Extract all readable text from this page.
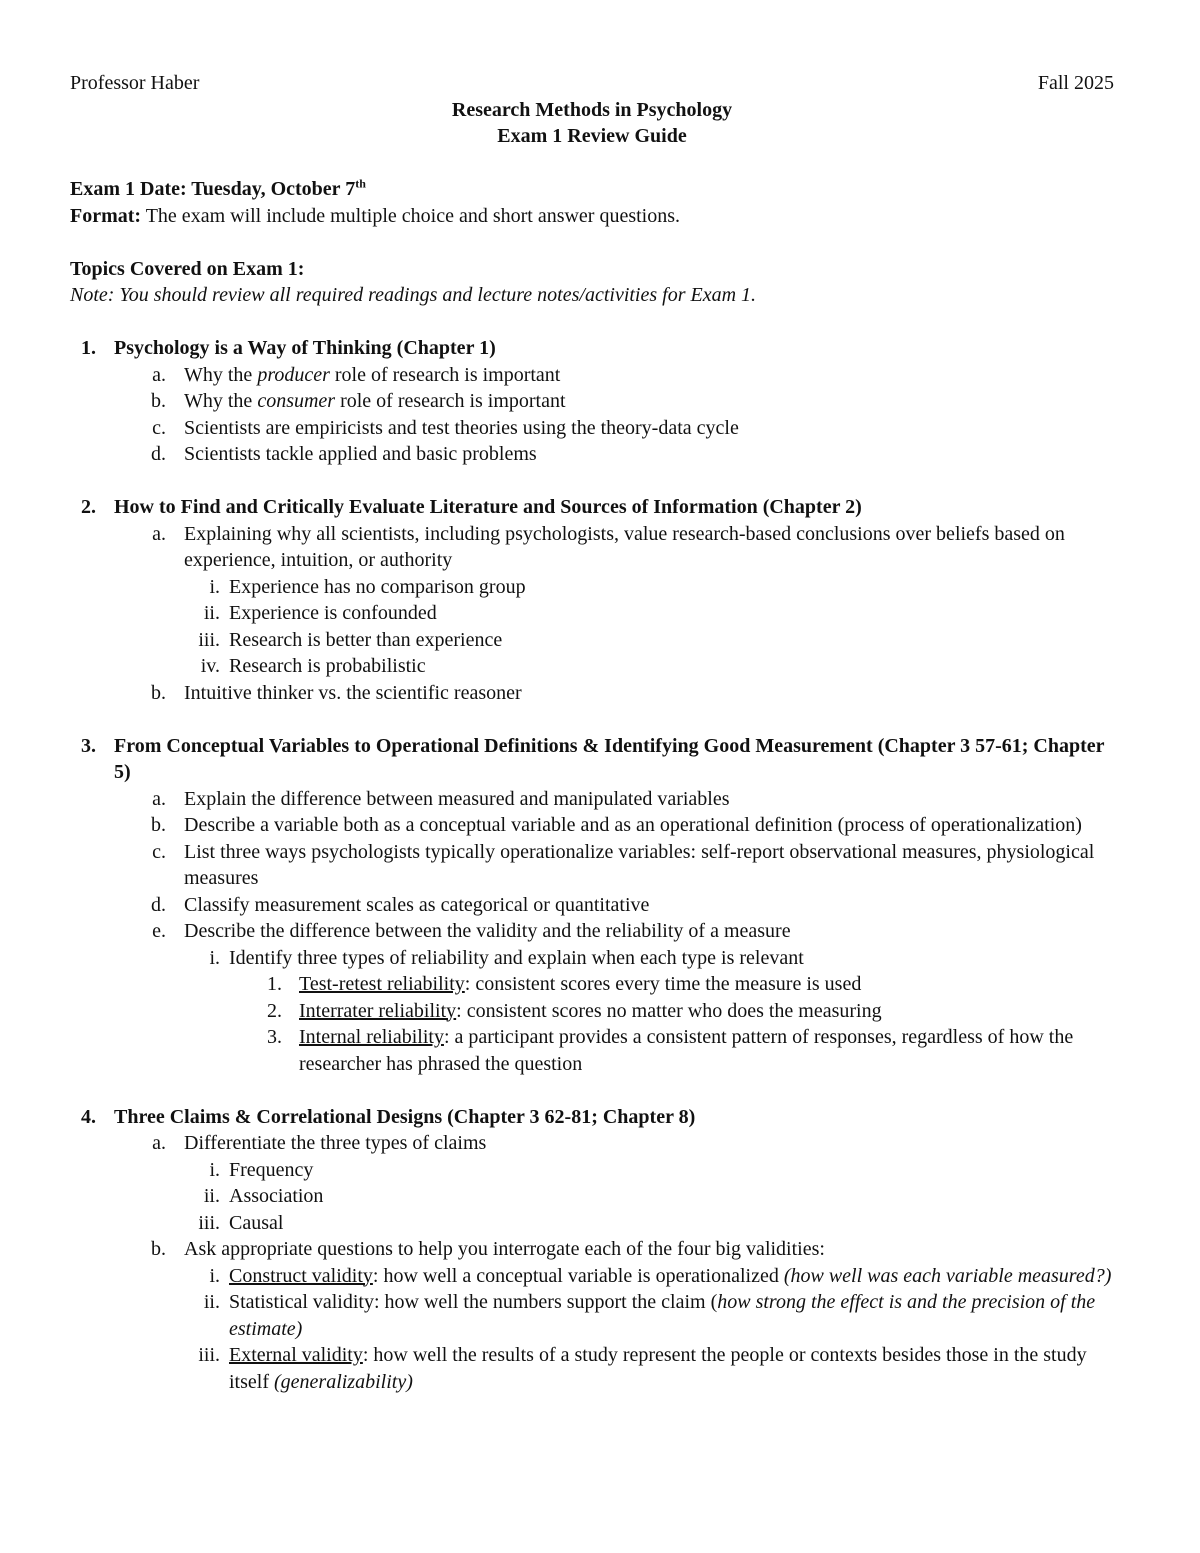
Professor Haber	Fall 2025
Research Methods in Psychology
Exam 1 Review Guide
Exam 1 Date: Tuesday, October 7th
Format: The exam will include multiple choice and short answer questions.
Topics Covered on Exam 1:
Note: You should review all required readings and lecture notes/activities for Exam 1.
1. Psychology is a Way of Thinking (Chapter 1)
a. Why the producer role of research is important
b. Why the consumer role of research is important
c. Scientists are empiricists and test theories using the theory-data cycle
d. Scientists tackle applied and basic problems
2. How to Find and Critically Evaluate Literature and Sources of Information (Chapter 2)
a. Explaining why all scientists, including psychologists, value research-based conclusions over beliefs based on experience, intuition, or authority
i. Experience has no comparison group
ii. Experience is confounded
iii. Research is better than experience
iv. Research is probabilistic
b. Intuitive thinker vs. the scientific reasoner
3. From Conceptual Variables to Operational Definitions & Identifying Good Measurement (Chapter 3 57-61; Chapter 5)
a. Explain the difference between measured and manipulated variables
b. Describe a variable both as a conceptual variable and as an operational definition (process of operationalization)
c. List three ways psychologists typically operationalize variables: self-report observational measures, physiological measures
d. Classify measurement scales as categorical or quantitative
e. Describe the difference between the validity and the reliability of a measure
i. Identify three types of reliability and explain when each type is relevant
1. Test-retest reliability: consistent scores every time the measure is used
2. Interrater reliability: consistent scores no matter who does the measuring
3. Internal reliability: a participant provides a consistent pattern of responses, regardless of how the researcher has phrased the question
4. Three Claims & Correlational Designs (Chapter 3 62-81; Chapter 8)
a. Differentiate the three types of claims
i. Frequency
ii. Association
iii. Causal
b. Ask appropriate questions to help you interrogate each of the four big validities:
i. Construct validity: how well a conceptual variable is operationalized (how well was each variable measured?)
ii. Statistical validity: how well the numbers support the claim (how strong the effect is and the precision of the estimate)
iii. External validity: how well the results of a study represent the people or contexts besides those in the study itself (generalizability)
